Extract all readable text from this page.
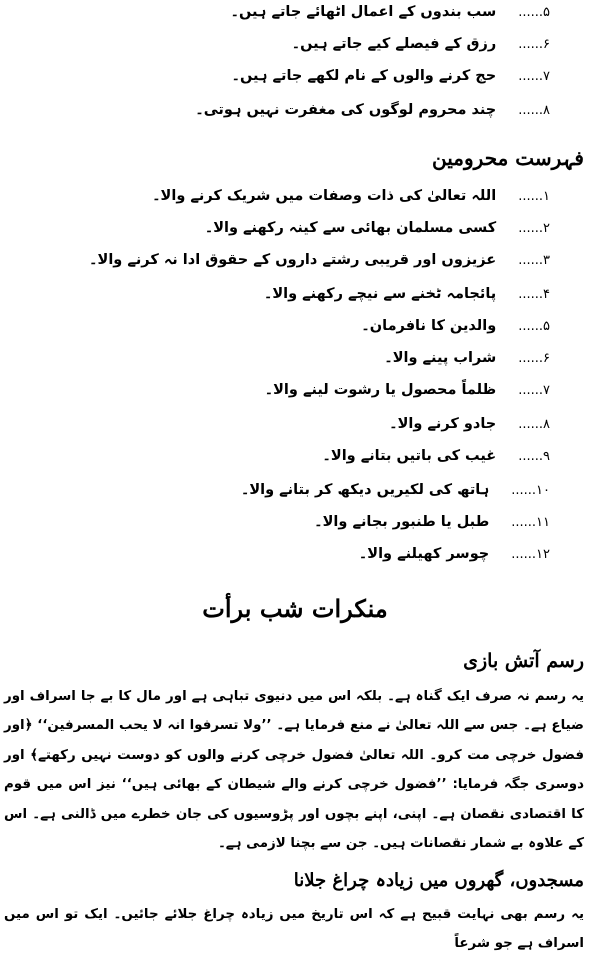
۵......
سب بندوں کے اعمال اٹھائے جاتے ہیں۔
۶......
رزق کے فیصلے کیے جاتے ہیں۔
۷......
حج کرنے والوں کے نام لکھے جاتے ہیں۔
۸......
چند محروم لوگوں کی مغفرت نہیں ہوتی۔
فہرست محرومین
۱......
اللہ تعالیٰ کی ذات وصفات میں شریک کرنے والا۔
۲......
کسی مسلمان بھائی سے کینہ رکھنے والا۔
۳......
عزیزوں اور قریبی رشتے داروں کے حقوق ادا نہ کرنے والا۔
۴......
پائجامہ ٹخنے سے نیچے رکھنے والا۔
۵......
والدین کا نافرمان۔
۶......
شراب پینے والا۔
۷......
ظلماً محصول یا رشوت لینے والا۔
۸......
جادو کرنے والا۔
۹......
غیب کی باتیں بتانے والا۔
۱۰......
ہاتھ کی لکیریں دیکھ کر بتانے والا۔
۱۱......
طبل یا طنبور بجانے والا۔
۱۲......
چوسر کھیلنے والا۔
منکرات شب برأت
رسم آتش بازی

یہ رسم نہ صرف ایک گناہ ہے۔ بلکہ اس میں دنیوی تباہی ہے اور مال کا بے جا اسراف اور ضیاع ہے۔ جس سے اللہ تعالیٰ نے منع فرمایا ہے۔ ’’ولا تسرفوا انہ لا یحب المسرفین‘‘ ﴿اور فضول خرچی مت کرو۔ اللہ تعالیٰ فضول خرچی کرنے والوں کو دوست نہیں رکھتے﴾ اور دوسری جگہ فرمایا: ’’فضول خرچی کرنے والے شیطان کے بھائی ہیں‘‘ نیز اس میں قوم کا اقتصادی نقصان ہے۔ اپنی، اپنے بچوں اور پڑوسیوں کی جان خطرے میں ڈالنی ہے۔ اس کے علاوہ بے شمار نقصانات ہیں۔ جن سے بچنا لازمی ہے۔

مسجدوں، گھروں میں زیادہ چراغ جلانا

یہ رسم بھی نہایت قبیح ہے کہ اس تاریخ میں زیادہ چراغ جلائے جائیں۔ ایک تو اس میں اسراف ہے جو شرعاً
